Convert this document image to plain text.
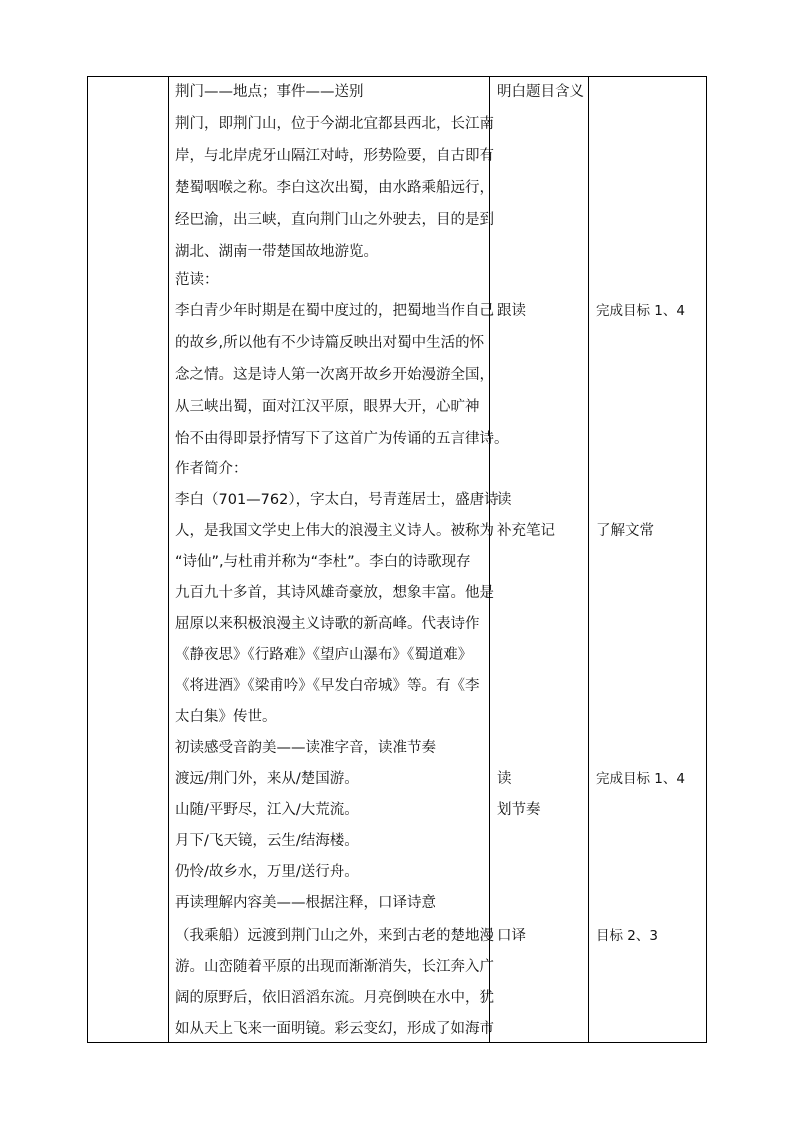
荆门——地点；事件——送别
荆门，即荆门山，位于今湖北宜都县西北，长江南
岸，与北岸虎牙山隔江对峙，形势险要，自古即有
楚蜀咽喉之称。李白这次出蜀，由水路乘船远行，
经巴渝，出三峡，直向荆门山之外驶去，目的是到
湖北、湖南一带楚国故地游览。
范读：
李白青少年时期是在蜀中度过的，把蜀地当作自己
的故乡,所以他有不少诗篇反映出对蜀中生活的怀
念之情。这是诗人第一次离开故乡开始漫游全国，
从三峡出蜀，面对江汉平原，眼界大开，心旷神
怡不由得即景抒情写下了这首广为传诵的五言律诗。
作者简介：
李白（701—762），字太白，号青莲居士，盛唐诗
人，是我国文学史上伟大的浪漫主义诗人。被称为
“诗仙”,与杜甫并称为“李杜”。李白的诗歌现存
九百九十多首，其诗风雄奇豪放，想象丰富。他是
屈原以来积极浪漫主义诗歌的新高峰。代表诗作
《静夜思》《行路难》《望庐山瀑布》《蜀道难》
《将进酒》《梁甫吟》《早发白帝城》等。有《李
太白集》传世。
初读感受音韵美——读准字音，读准节奏
渡远/荆门外，来从/楚国游。
山随/平野尽，江入/大荒流。
月下/飞天镜，云生/结海楼。
仍怜/故乡水，万里/送行舟。
再读理解内容美——根据注释，口译诗意
（我乘船）远渡到荆门山之外，来到古老的楚地漫
游。山峦随着平原的出现而渐渐消失，长江奔入广
阔的原野后，依旧滔滔东流。月亮倒映在水中，犹
如从天上飞来一面明镜。彩云变幻，形成了如海市
明白题目含义
跟读
读
补充笔记
读
划节奏
口译
完成目标 1、4
了解文常
完成目标 1、4
目标 2、3
